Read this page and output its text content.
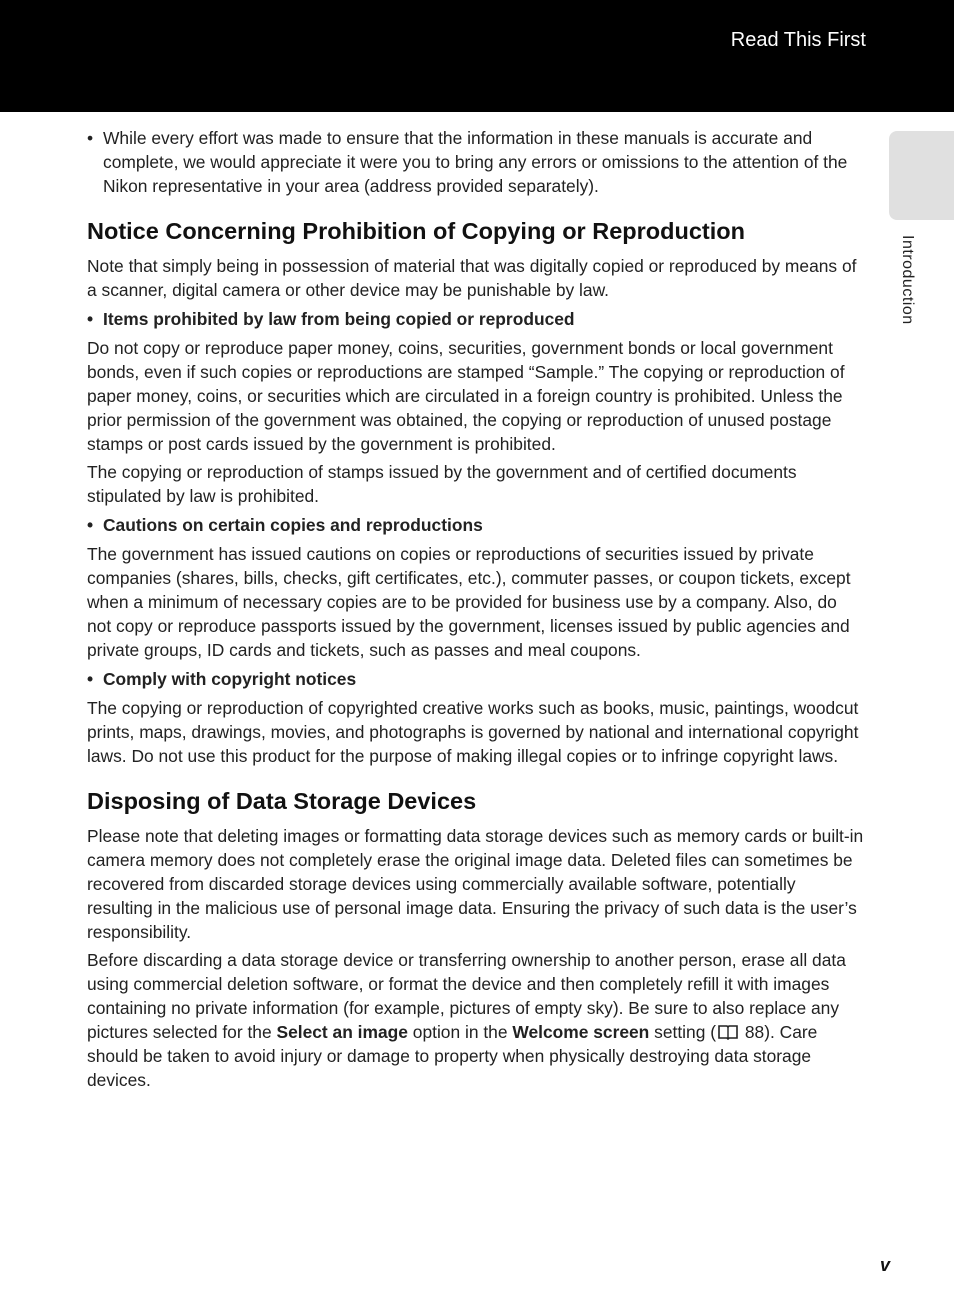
Read This First
Introduction
• While every effort was made to ensure that the information in these manuals is accurate and complete, we would appreciate it were you to bring any errors or omissions to the attention of the Nikon representative in your area (address provided separately).
Notice Concerning Prohibition of Copying or Reproduction

Note that simply being in possession of material that was digitally copied or reproduced by means of a scanner, digital camera or other device may be punishable by law.

• Items prohibited by law from being copied or reproduced

Do not copy or reproduce paper money, coins, securities, government bonds or local government bonds, even if such copies or reproductions are stamped “Sample.” The copying or reproduction of paper money, coins, or securities which are circulated in a foreign country is prohibited. Unless the prior permission of the government was obtained, the copying or reproduction of unused postage stamps or post cards issued by the government is prohibited.

The copying or reproduction of stamps issued by the government and of certified documents stipulated by law is prohibited.

• Cautions on certain copies and reproductions

The government has issued cautions on copies or reproductions of securities issued by private companies (shares, bills, checks, gift certificates, etc.), commuter passes, or coupon tickets, except when a minimum of necessary copies are to be provided for business use by a company. Also, do not copy or reproduce passports issued by the government, licenses issued by public agencies and private groups, ID cards and tickets, such as passes and meal coupons.

• Comply with copyright notices

The copying or reproduction of copyrighted creative works such as books, music, paintings, woodcut prints, maps, drawings, movies, and photographs is governed by national and international copyright laws. Do not use this product for the purpose of making illegal copies or to infringe copyright laws.

Disposing of Data Storage Devices

Please note that deleting images or formatting data storage devices such as memory cards or built-in camera memory does not completely erase the original image data. Deleted files can sometimes be recovered from discarded storage devices using commercially available software, potentially resulting in the malicious use of personal image data. Ensuring the privacy of such data is the user’s responsibility.

Before discarding a data storage device or transferring ownership to another person, erase all data using commercial deletion software, or format the device and then completely refill it with images containing no private information (for example, pictures of empty sky). Be sure to also replace any pictures selected for the Select an image option in the Welcome screen setting ( 88). Care should be taken to avoid injury or damage to property when physically destroying data storage devices.

v
